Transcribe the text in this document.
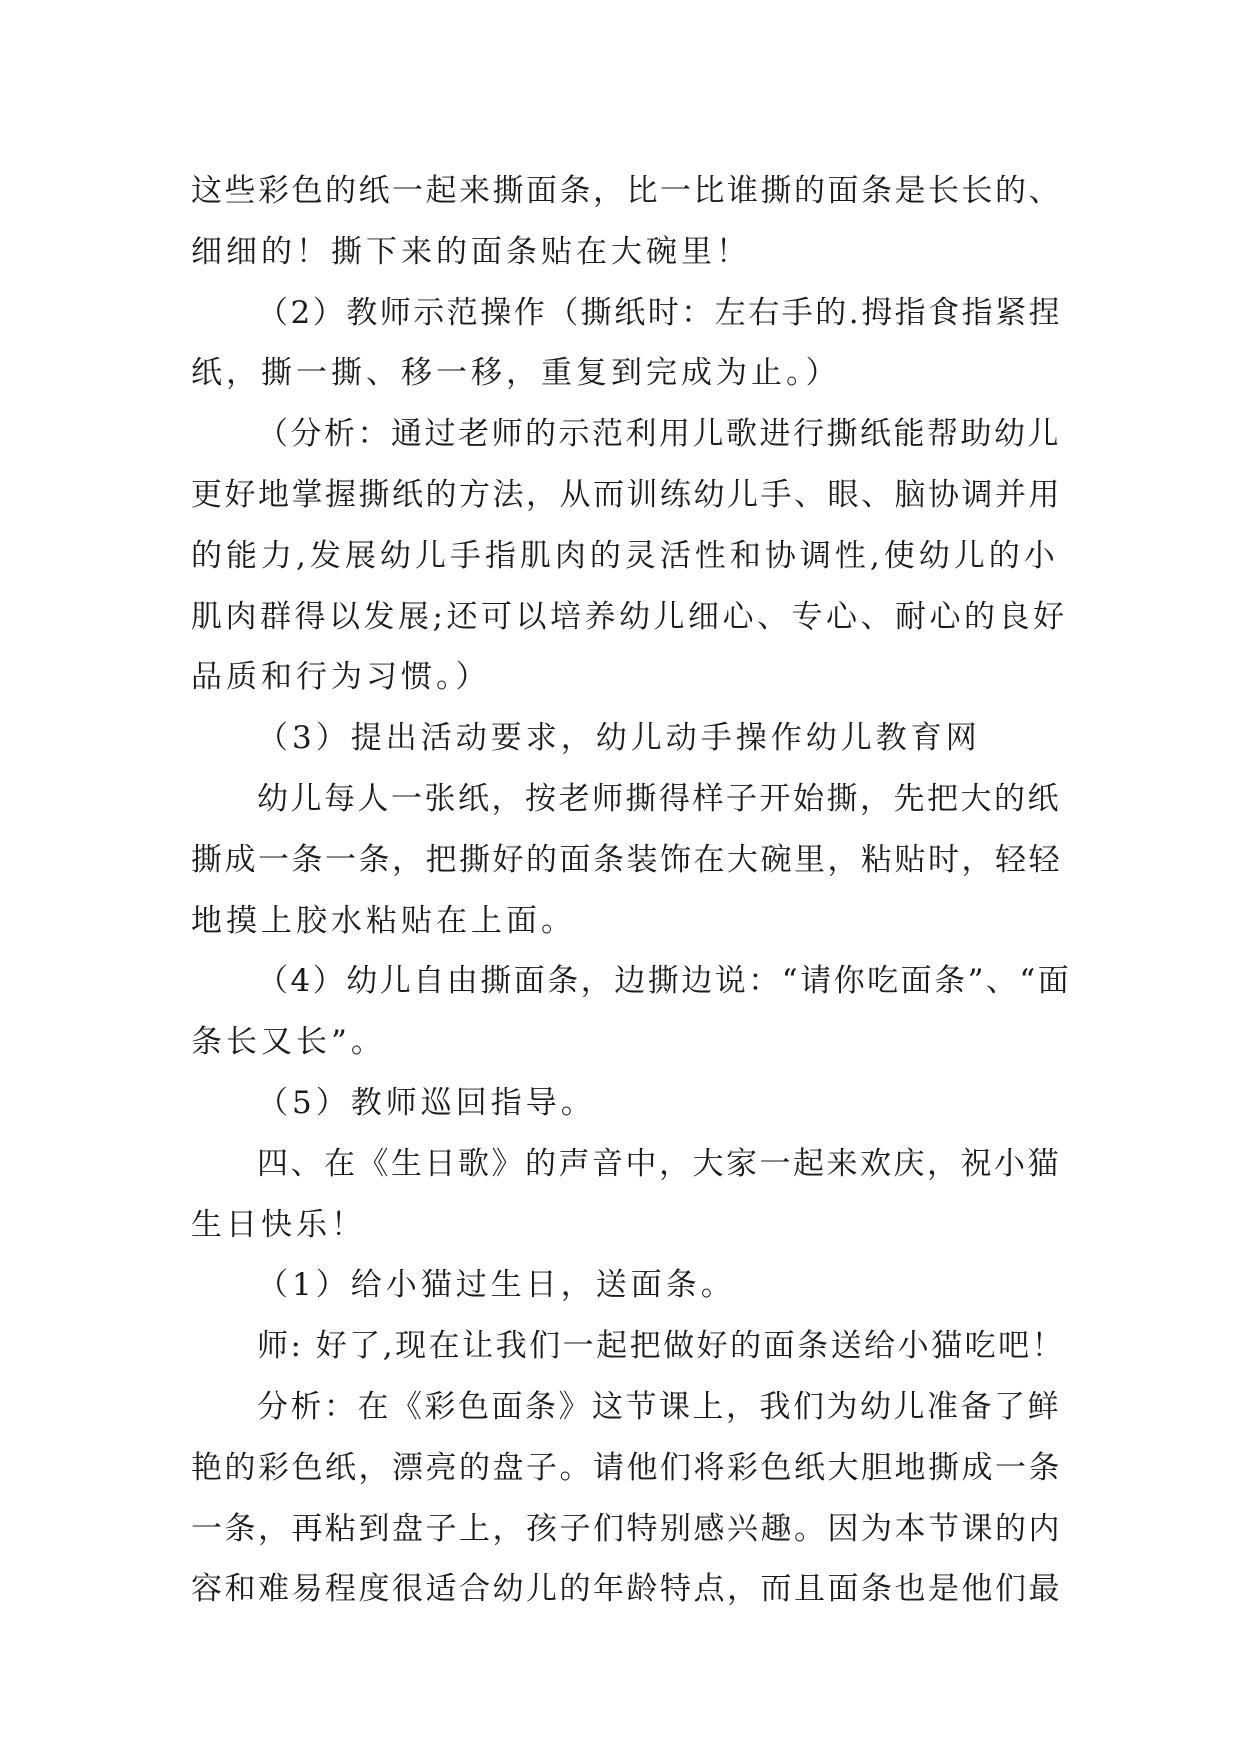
这些彩色的纸一起来撕面条，比一比谁撕的面条是长长的、
细细的！撕下来的面条贴在大碗里！
（2）教师示范操作（撕纸时：左右手的.拇指食指紧捏
纸，撕一撕、移一移，重复到完成为止。）
（分析：通过老师的示范利用儿歌进行撕纸能帮助幼儿
更好地掌握撕纸的方法，从而训练幼儿手、眼、脑协调并用
的能力,发展幼儿手指肌肉的灵活性和协调性,使幼儿的小
肌肉群得以发展;还可以培养幼儿细心、专心、耐心的良好
品质和行为习惯。）
（3）提出活动要求，幼儿动手操作幼儿教育网
幼儿每人一张纸，按老师撕得样子开始撕，先把大的纸
撕成一条一条，把撕好的面条装饰在大碗里，粘贴时，轻轻
地摸上胶水粘贴在上面。
（4）幼儿自由撕面条，边撕边说：“请你吃面条”、“面
条长又长”。
（5）教师巡回指导。
四、在《生日歌》的声音中，大家一起来欢庆，祝小猫
生日快乐！
（1）给小猫过生日，送面条。
师: 好了,现在让我们一起把做好的面条送给小猫吃吧！
分析：在《彩色面条》这节课上，我们为幼儿准备了鲜
艳的彩色纸，漂亮的盘子。请他们将彩色纸大胆地撕成一条
一条，再粘到盘子上，孩子们特别感兴趣。因为本节课的内
容和难易程度很适合幼儿的年龄特点，而且面条也是他们最
